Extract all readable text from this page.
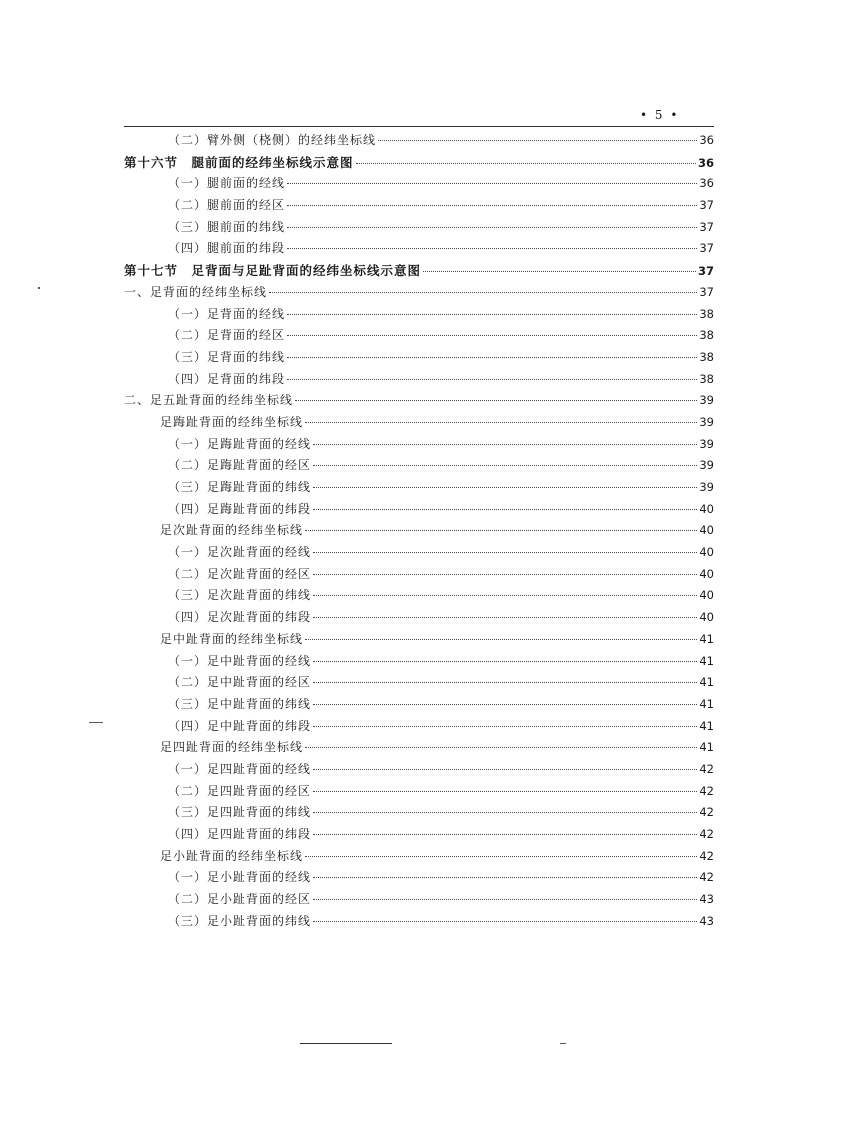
• 5 •
（二）臂外侧（桡侧）的经纬坐标线	36
第十六节　腿前面的经纬坐标线示意图	36
（一）腿前面的经线	36
（二）腿前面的经区	37
（三）腿前面的纬线	37
（四）腿前面的纬段	37
第十七节　足背面与足趾背面的经纬坐标线示意图	37
一、足背面的经纬坐标线	37
（一）足背面的经线	38
（二）足背面的经区	38
（三）足背面的纬线	38
（四）足背面的纬段	38
二、足五趾背面的经纬坐标线	39
足踇趾背面的经纬坐标线	39
（一）足踇趾背面的经线	39
（二）足踇趾背面的经区	39
（三）足踇趾背面的纬线	39
（四）足踇趾背面的纬段	40
足次趾背面的经纬坐标线	40
（一）足次趾背面的经线	40
（二）足次趾背面的经区	40
（三）足次趾背面的纬线	40
（四）足次趾背面的纬段	40
足中趾背面的经纬坐标线	41
（一）足中趾背面的经线	41
（二）足中趾背面的经区	41
（三）足中趾背面的纬线	41
（四）足中趾背面的纬段	41
足四趾背面的经纬坐标线	41
（一）足四趾背面的经线	42
（二）足四趾背面的经区	42
（三）足四趾背面的纬线	42
（四）足四趾背面的纬段	42
足小趾背面的经纬坐标线	42
（一）足小趾背面的经线	42
（二）足小趾背面的经区	43
（三）足小趾背面的纬线	43
